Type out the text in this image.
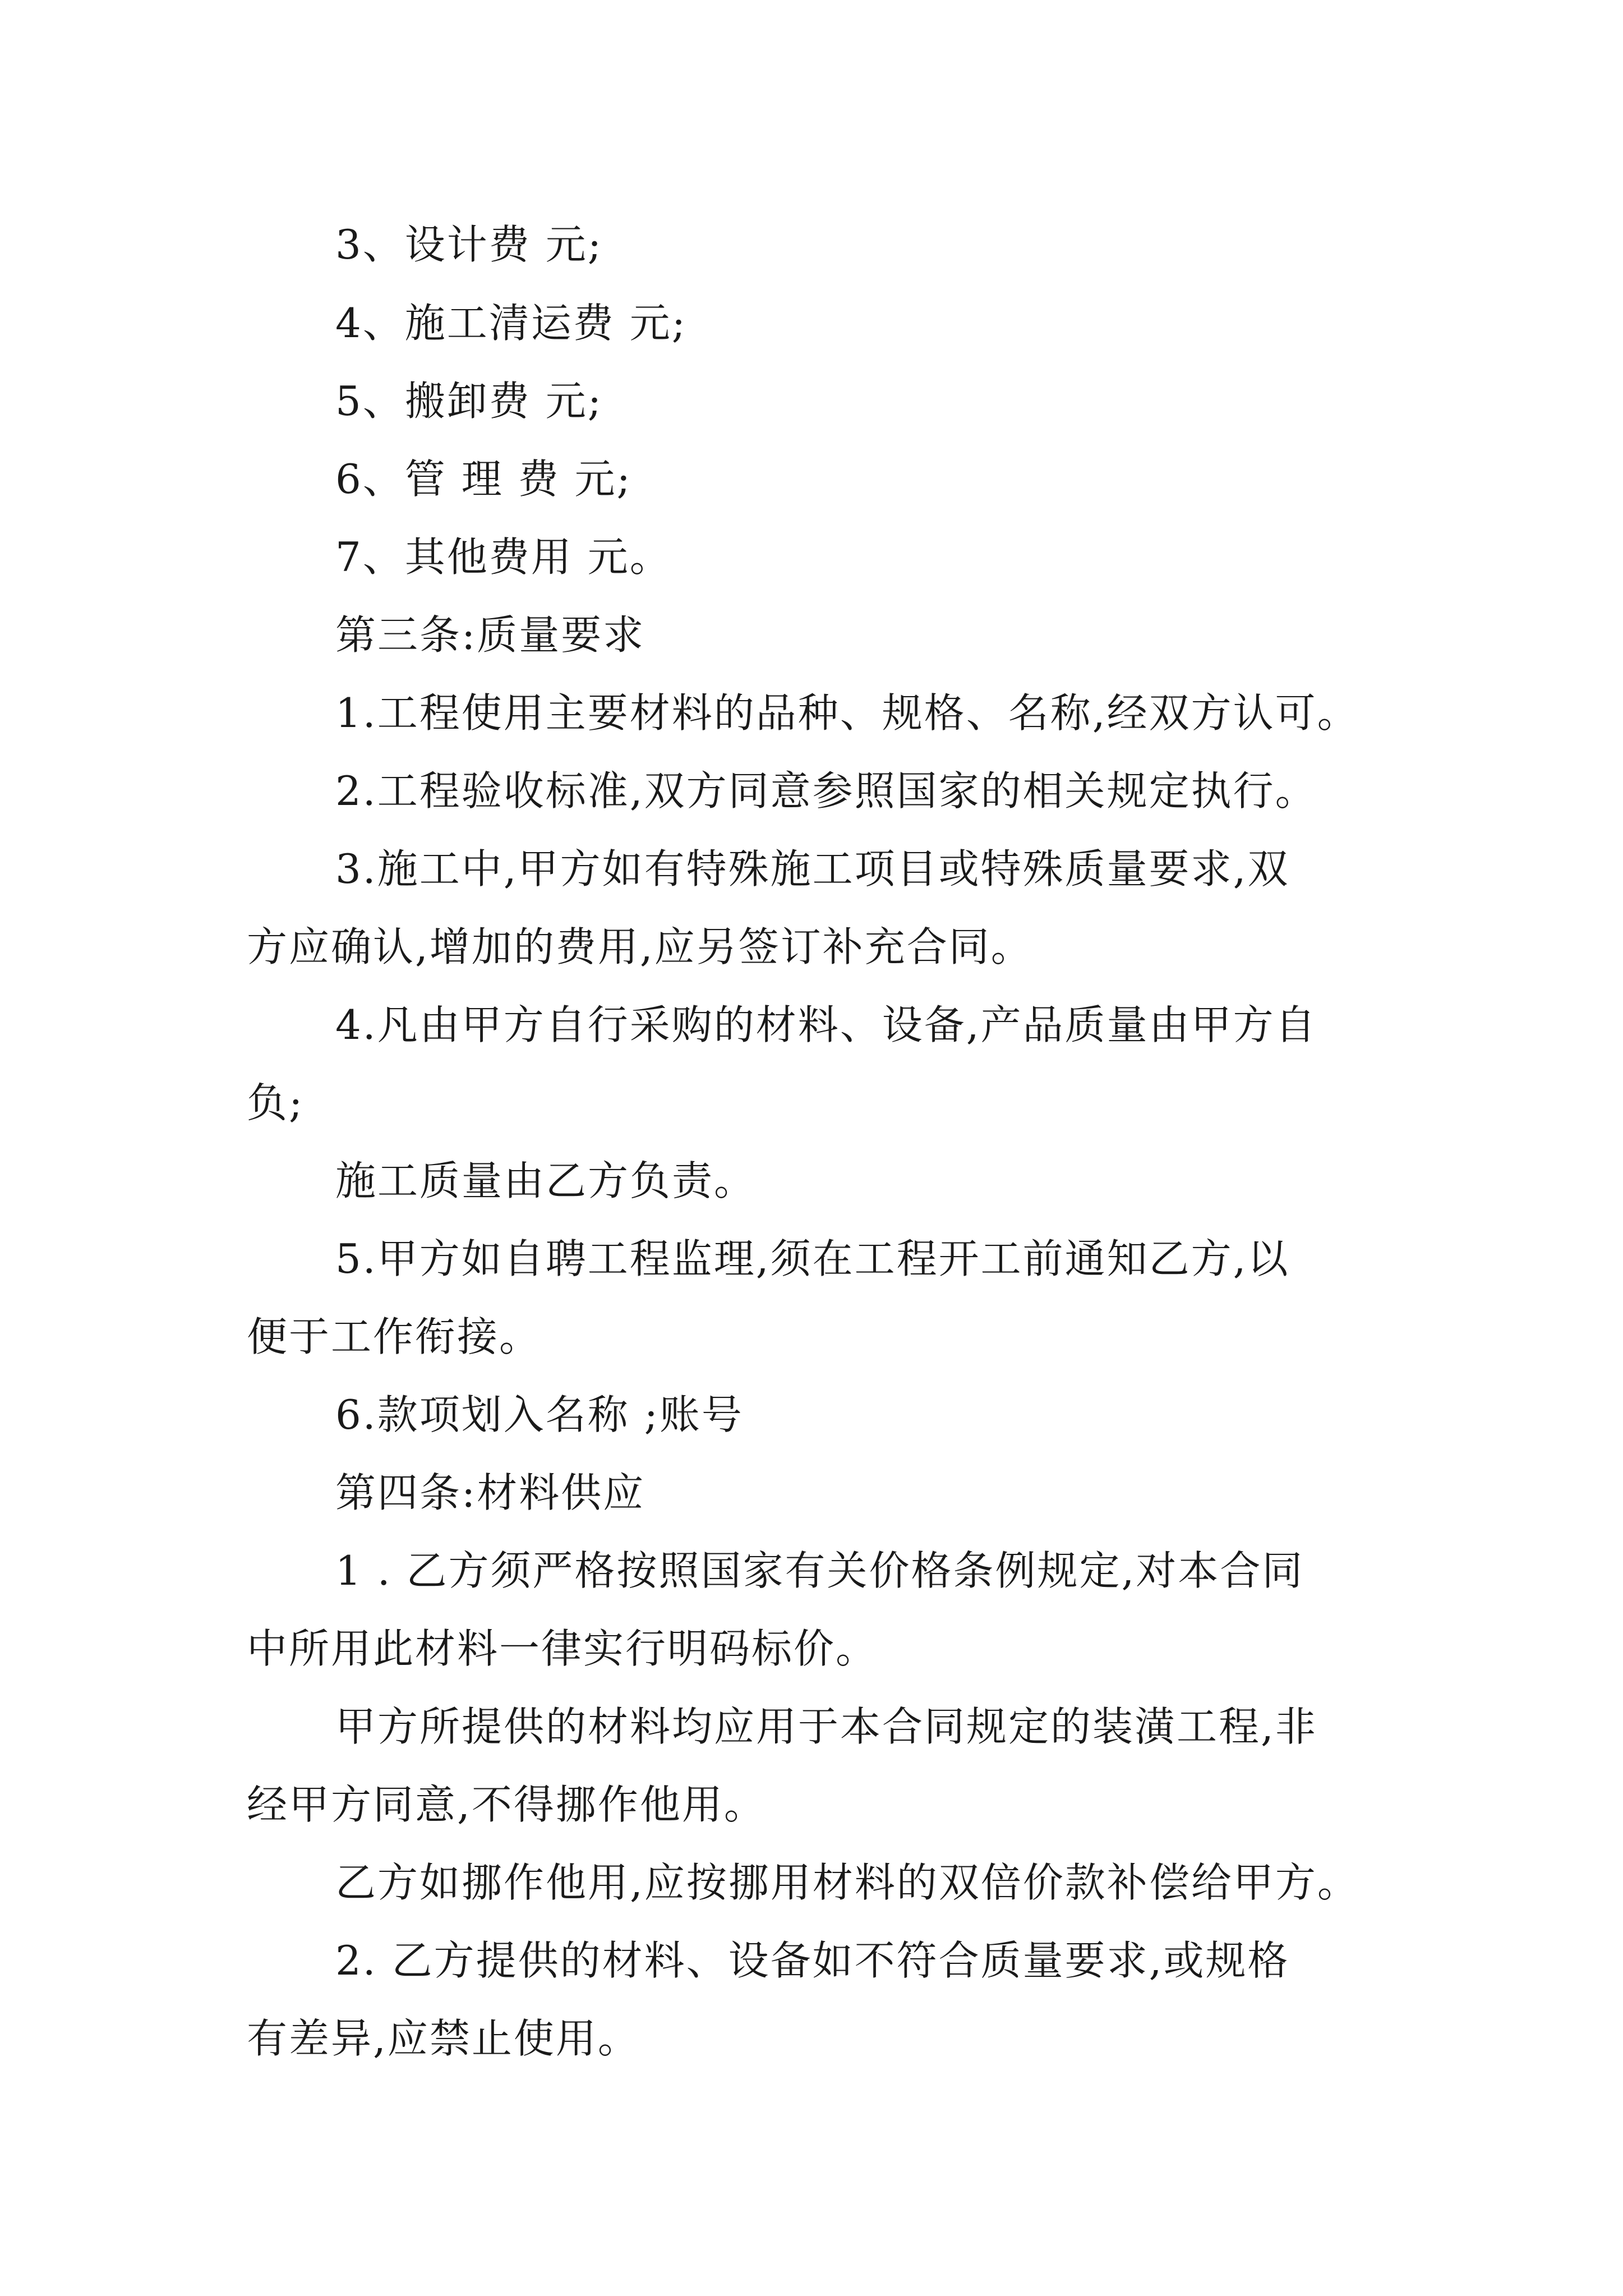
3、设计费 元;

4、施工清运费 元;

5、搬卸费 元;

6、管 理 费 元;

7、其他费用 元。

第三条:质量要求

1.工程使用主要材料的品种、规格、名称,经双方认可。

2.工程验收标准,双方同意参照国家的相关规定执行。

3.施工中,甲方如有特殊施工项目或特殊质量要求,双

方应确认,增加的费用,应另签订补充合同。

4.凡由甲方自行采购的材料、设备,产品质量由甲方自

负;

施工质量由乙方负责。

5.甲方如自聘工程监理,须在工程开工前通知乙方,以

便于工作衔接。

6.款项划入名称 ;账号

第四条:材料供应

1 . 乙方须严格按照国家有关价格条例规定,对本合同

中所用此材料一律实行明码标价。

甲方所提供的材料均应用于本合同规定的装潢工程,非

经甲方同意,不得挪作他用。

乙方如挪作他用,应按挪用材料的双倍价款补偿给甲方。

2. 乙方提供的材料、设备如不符合质量要求,或规格

有差异,应禁止使用。
